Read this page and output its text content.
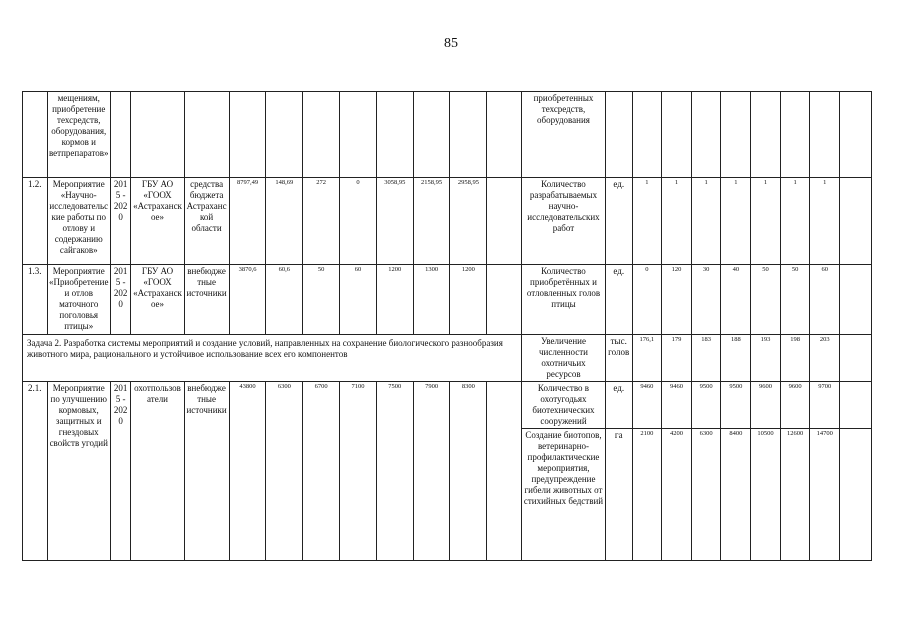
85
	мещениям, приобретение техсредств, оборудования, кормов и ветпрепаратов»												приобретенных техсредств, оборудования									
1.2.	Мероприятие «Научно-исследовательские работы по отлову и содержанию сайгаков»	2015 - 2020	ГБУ АО «ГООХ «Астраханское»	средства бюджета Астраханской области	8797,49	148,69	272	0	3058,95	2158,95	2958,95		Количество разрабатываемых научно-исследовательских работ	ед.	1	1	1	1	1	1	1	
1.3.	Мероприятие «Приобретение и отлов маточного поголовья птицы»	2015 - 2020	ГБУ АО «ГООХ «Астраханское»	внебюджетные источники	3870,6	60,6	50	60	1200	1300	1200		Количество приобретённых и отловленных голов птицы	ед.	0	120	30	40	50	50	60	
Задача 2. Разработка системы мероприятий и создание условий, направленных на сохранение биологического разнообразия животного мира, рационального и устойчивое использование всех его компонентов													Увеличение численности охотничьих ресурсов	тыс. голов	176,1	179	183	188	193	198	203	
2.1.	Мероприятие по улучшению кормовых, защитных и гнездовых свойств угодий	2015 - 2020	охотпользователи	внебюджетные источники	43800	6300	6700	7100	7500	7900	8300		Количество в охотугодьях биотехнических сооружений	ед.	9460	9460	9500	9500	9600	9600	9700	
													Создание биотопов, ветеринарно-профилактические мероприятия, предупреждение гибели животных от стихийных бедствий	га	2100	4200	6300	8400	10500	12600	14700	
